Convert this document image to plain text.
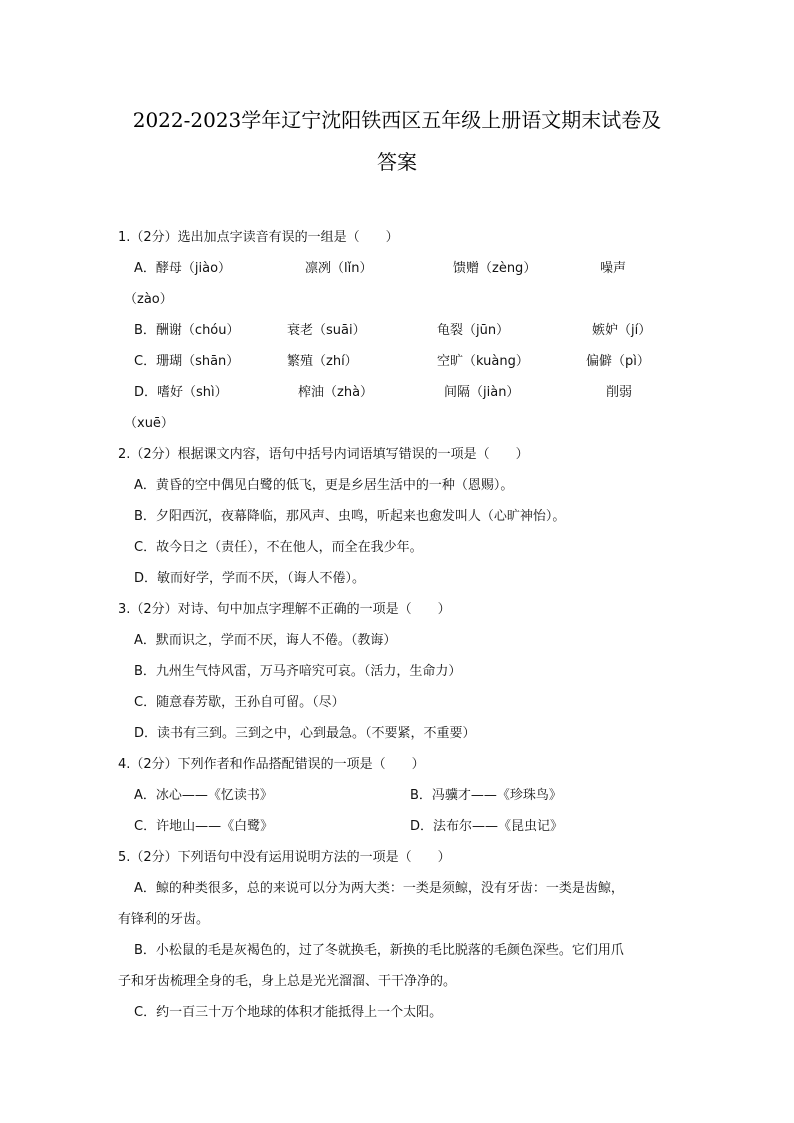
2022-2023学年辽宁沈阳铁西区五年级上册语文期末试卷及
答案
1.（2分）选出加点字读音有误的一组是（　　）
A．酵母（jiào）	凛冽（lǐn）	馈赠（zèng）	噪声
（zào）
B．酬谢（chóu）	衰老（suāi）	龟裂（jūn）	嫉妒（jí）
C．珊瑚（shān）	繁殖（zhí）	空旷（kuàng）	偏僻（pì）
D．嗜好（shì）	榨油（zhà）	间隔（jiàn）	削弱
（xuē）
2.（2分）根据课文内容，语句中括号内词语填写错误的一项是（　　）
A．黄昏的空中偶见白鹭的低飞，更是乡居生活中的一种（恩赐）。
B．夕阳西沉，夜幕降临，那风声、虫鸣，听起来也愈发叫人（心旷神怡）。
C．故今日之（责任），不在他人，而全在我少年。
D．敏而好学，学而不厌，（诲人不倦）。
3.（2分）对诗、句中加点字理解不正确的一项是（　　）
A．默而识之，学而不厌，诲人不倦。（教诲）
B．九州生气恃风雷，万马齐喑究可哀。（活力，生命力）
C．随意春芳歇，王孙自可留。（尽）
D．读书有三到。三到之中，心到最急。（不要紧，不重要）
4.（2分）下列作者和作品搭配错误的一项是（　　）
A．冰心——《忆读书》	B．冯骥才——《珍珠鸟》
C．许地山——《白鹭》	D．法布尔——《昆虫记》
5.（2分）下列语句中没有运用说明方法的一项是（　　）
A．鲸的种类很多，总的来说可以分为两大类：一类是须鲸，没有牙齿：一类是齿鲸，
有锋利的牙齿。
B．小松鼠的毛是灰褐色的，过了冬就换毛，新换的毛比脱落的毛颜色深些。它们用爪
子和牙齿梳理全身的毛，身上总是光光溜溜、干干净净的。
C．约一百三十万个地球的体积才能抵得上一个太阳。
